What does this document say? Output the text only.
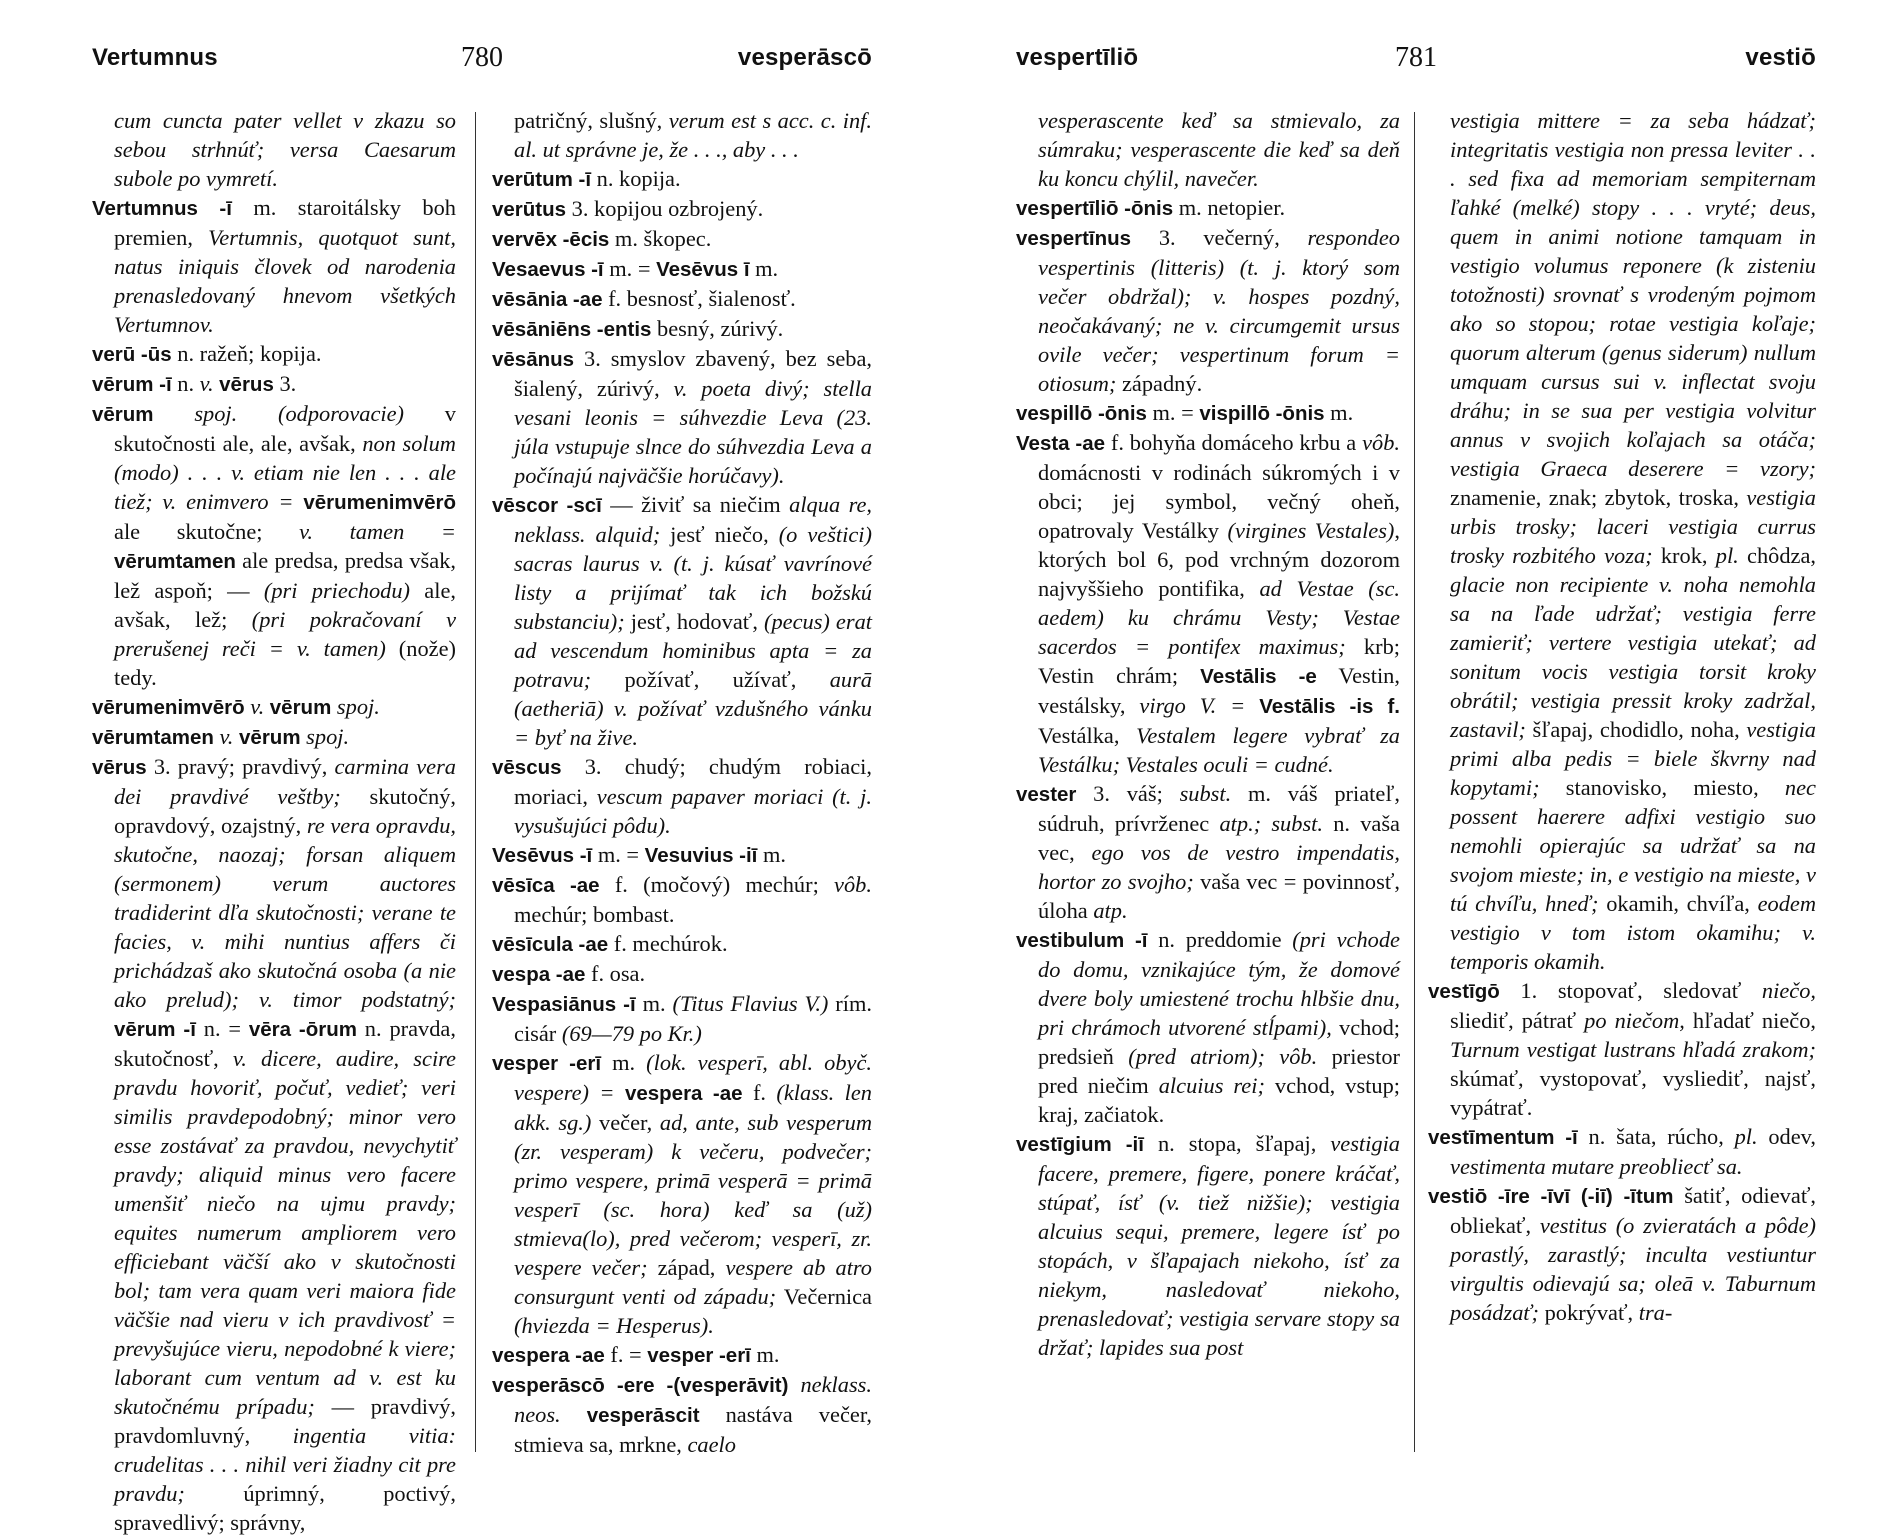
Vertumnus	780	vesperāscō

cum cuncta pater vellet v zkazu so sebou strhnúť; versa Caesarum subole po vymretí.

Vertumnus -ī m. staroitálsky boh premien, Vertumnis, quotquot sunt, natus iniquis človek od narodenia prenasledovaný hnevom všetkých Vertumnov.

verū -ūs n. ražeň; kopija.

vērum -ī n. v. vērus 3.

vērum spoj. (odporovacie) v skutočnosti ale, ale, avšak, non solum (modo) . . . v. etiam nie len . . . ale tiež; v. enimvero = vērumenimvērō ale skutočne; v. tamen = vērumtamen ale predsa, predsa však, lež aspoň; — (pri priechodu) ale, avšak, lež; (pri pokračovaní v prerušenej reči = v. tamen) (nože) tedy.

vērumenimvērō v. vērum spoj.

vērumtamen v. vērum spoj.

vērus 3. pravý; pravdivý, carmina vera dei pravdivé veštby; skutočný, opravdový, ozajstný, re vera opravdu, skutočne, naozaj; forsan aliquem (sermonem) verum auctores tradiderint dľa skutočnosti; verane te facies, v. mihi nuntius affers či prichádzaš ako skutočná osoba (a nie ako prelud); v. timor podstatný; vērum -ī n. = vēra -ōrum n. pravda, skutočnosť, v. dicere, audire, scire pravdu hovoriť, počuť, vedieť; veri similis pravdepodobný; minor vero esse zostávať za pravdou, nevychytiť pravdy; aliquid minus vero facere umenšiť niečo na ujmu pravdy; equites numerum ampliorem vero efficiebant väčší ako v skutočnosti bol; tam vera quam veri maiora fide väčšie nad vieru v ich pravdivosť = prevyšujúce vieru, nepodobné k viere; laborant cum ventum ad v. est ku skutočnému prípadu; — pravdivý, pravdomluvný, ingentia vitia: crudelitas . . . nihil veri žiadny cit pre pravdu; úprimný, poctivý, spravedlivý; správny,

patričný, slušný, verum est s acc. c. inf. al. ut správne je, že . . ., aby . . .

verūtum -ī n. kopija.

verūtus 3. kopijou ozbrojený.

vervēx -ēcis m. škopec.

Vesaevus -ī m. = Vesēvus ī m.

vēsānia -ae f. besnosť, šialenosť.

vēsāniēns -entis besný, zúrivý.

vēsānus 3. smyslov zbavený, bez seba, šialený, zúrivý, v. poeta divý; stella vesani leonis = súhvezdie Leva (23. júla vstupuje slnce do súhvezdia Leva a počínajú najväčšie horúčavy).

vēscor -scī — živiť sa niečim alqua re, neklass. alquid; jesť niečo, (o veštici) sacras laurus v. (t. j. kúsať vavrínové listy a prijímať tak ich božskú substanciu); jesť, hodovať, (pecus) erat ad vescendum hominibus apta = za potravu; požívať, užívať, aurā (aetheriā) v. požívať vzdušného vánku = byť na žive.

vēscus 3. chudý; chudým robiaci, moriaci, vescum papaver moriaci (t. j. vysušujúci pôdu).

Vesēvus -ī m. = Vesuvius -iī m.

vēsīca -ae f. (močový) mechúr; vôb. mechúr; bombast.

vēsīcula -ae f. mechúrok.

vespa -ae f. osa.

Vespasiānus -ī m. (Titus Flavius V.) rím. cisár (69—79 po Kr.)

vesper -erī m. (lok. vesperī, abl. obyč. vespere) = vespera -ae f. (klass. len akk. sg.) večer, ad, ante, sub vesperum (zr. vesperam) k večeru, podvečer; primo vespere, primā vesperā = primā vesperī (sc. hora) keď sa (už) stmieva(lo), pred večerom; vesperī, zr. vespere večer; západ, vespere ab atro consurgunt venti od západu; Večernica (hviezda = Hesperus).

vespera -ae f. = vesper -erī m.

vesperāscō -ere -(vesperāvit) neklass. neos. vesperāscit nastáva večer, stmieva sa, mrkne, caelo

vespertīliō	781	vestiō

vesperascente keď sa stmievalo, za súmraku; vesperascente die keď sa deň ku koncu chýlil, navečer.

vespertīliō -ōnis m. netopier.

vespertīnus 3. večerný, respondeo vespertinis (litteris) (t. j. ktorý som večer obdržal); v. hospes pozdný, neočakávaný; ne v. circumgemit ursus ovile večer; vespertinum forum = otiosum; západný.

vespillō -ōnis m. = vispillō -ōnis m.

Vesta -ae f. bohyňa domáceho krbu a vôb. domácnosti v rodinách súkromých i v obci; jej symbol, večný oheň, opatrovaly Vestálky (virgines Vestales), ktorých bol 6, pod vrchným dozorom najvyššieho pontifika, ad Vestae (sc. aedem) ku chrámu Vesty; Vestae sacerdos = pontifex maximus; krb; Vestin chrám; Vestālis -e Vestin, vestálsky, virgo V. = Vestālis -is f. Vestálka, Vestalem legere vybrať za Vestálku; Vestales oculi = cudné.

vester 3. váš; subst. m. váš priateľ, súdruh, prívrženec atp.; subst. n. vaša vec, ego vos de vestro impendatis, hortor zo svojho; vaša vec = povinnosť, úloha atp.

vestibulum -ī n. preddomie (pri vchode do domu, vznikajúce tým, že domové dvere boly umiestené trochu hlbšie dnu, pri chrámoch utvorené stĺpami), vchod; predsieň (pred atriom); vôb. priestor pred niečim alcuius rei; vchod, vstup; kraj, začiatok.

vestīgium -iī n. stopa, šľapaj, vestigia facere, premere, figere, ponere kráčať, stúpať, ísť (v. tiež nižšie); vestigia alcuius sequi, premere, legere ísť po stopách, v šľapajach niekoho, ísť za niekym, nasledovať niekoho, prenasledovať; vestigia servare stopy sa držať; lapides sua post

vestigia mittere = za seba hádzať; integritatis vestigia non pressa leviter . . . sed fixa ad memoriam sempiternam ľahké (melké) stopy . . . vryté; deus, quem in animi notione tamquam in vestigio volumus reponere (k zisteniu totožnosti) srovnať s vrodeným pojmom ako so stopou; rotae vestigia koľaje; quorum alterum (genus siderum) nullum umquam cursus sui v. inflectat svoju dráhu; in se sua per vestigia volvitur annus v svojich koľajach sa otáča; vestigia Graeca deserere = vzory; znamenie, znak; zbytok, troska, vestigia urbis trosky; laceri vestigia currus trosky rozbitého voza; krok, pl. chôdza, glacie non recipiente v. noha nemohla sa na ľade udržať; vestigia ferre zamieriť; vertere vestigia utekať; ad sonitum vocis vestigia torsit kroky obrátil; vestigia pressit kroky zadržal, zastavil; šľapaj, chodidlo, noha, vestigia primi alba pedis = biele škvrny nad kopytami; stanovisko, miesto, nec possent haerere adfixi vestigio suo nemohli opierajúc sa udržať sa na svojom mieste; in, e vestigio na mieste, v tú chvíľu, hneď; okamih, chvíľa, eodem vestigio v tom istom okamihu; v. temporis okamih.

vestīgō 1. stopovať, sledovať niečo, sliediť, pátrať po niečom, hľadať niečo, Turnum vestigat lustrans hľadá zrakom; skúmať, vystopovať, vysliediť, najsť, vypátrať.

vestīmentum -ī n. šata, rúcho, pl. odev, vestimenta mutare preobliecť sa.

vestiō -īre -īvī (-iī) -ītum šatiť, odievať, obliekať, vestitus (o zvieratách a pôde) porastlý, zarastlý; inculta vestiuntur virgultis odievajú sa; oleā v. Taburnum posádzať; pokrývať, tra-
